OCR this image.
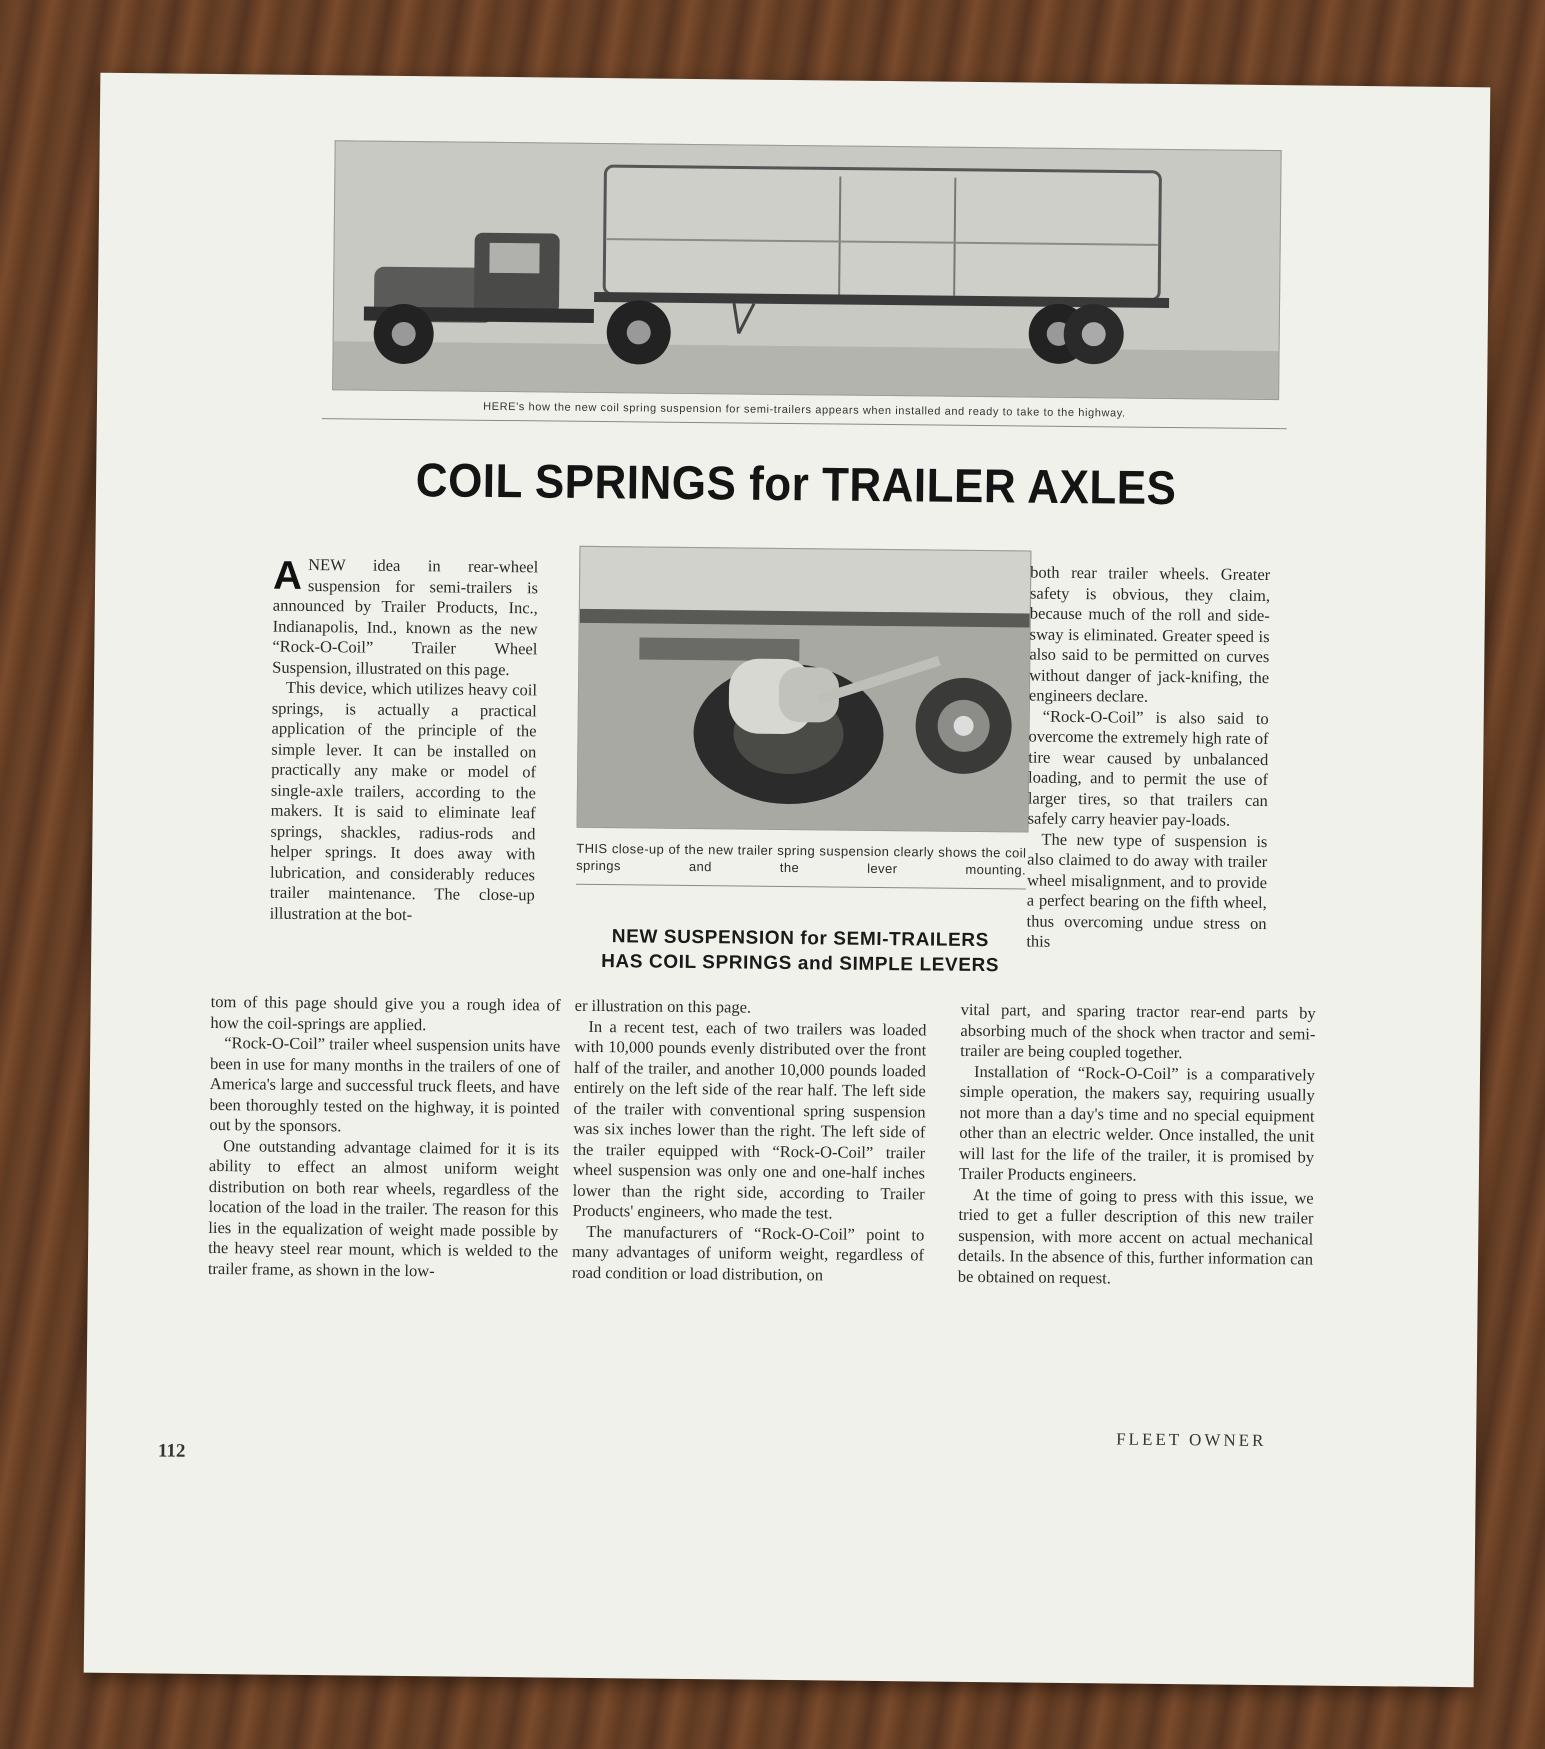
HERE's how the new coil spring suspension for semi-trailers appears when installed and ready to take to the highway.
COIL SPRINGS for TRAILER AXLES
THIS close-up of the new trailer spring suspension clearly shows the coil springs and the lever mounting.
NEW SUSPENSION for SEMI-TRAILERS
HAS COIL SPRINGS and SIMPLE LEVERS

ANEW idea in rear-wheel suspension for semi-trailers is announced by Trailer Products, Inc., Indianapolis, Ind., known as the new “Rock-O-Coil” Trailer Wheel Suspension, illustrated on this page.

This device, which utilizes heavy coil springs, is actually a practical application of the principle of the simple lever. It can be installed on practically any make or model of single-axle trailers, according to the makers. It is said to eliminate leaf springs, shackles, radius-rods and helper springs. It does away with lubrication, and considerably reduces trailer maintenance. The close-up illustration at the bot-

tom of this page should give you a rough idea of how the coil-springs are applied.

“Rock-O-Coil” trailer wheel suspension units have been in use for many months in the trailers of one of America's large and successful truck fleets, and have been thoroughly tested on the highway, it is pointed out by the sponsors.

One outstanding advantage claimed for it is its ability to effect an almost uniform weight distribution on both rear wheels, regardless of the location of the load in the trailer. The reason for this lies in the equalization of weight made possible by the heavy steel rear mount, which is welded to the trailer frame, as shown in the low-

er illustration on this page.

In a recent test, each of two trailers was loaded with 10,000 pounds evenly distributed over the front half of the trailer, and another 10,000 pounds loaded entirely on the left side of the rear half. The left side of the trailer with conventional spring suspension was six inches lower than the right. The left side of the trailer equipped with “Rock-O-Coil” trailer wheel suspension was only one and one-half inches lower than the right side, according to Trailer Products' engineers, who made the test.

The manufacturers of “Rock-O-Coil” point to many advantages of uniform weight, regardless of road condition or load distribution, on

both rear trailer wheels. Greater safety is obvious, they claim, because much of the roll and side-sway is eliminated. Greater speed is also said to be permitted on curves without danger of jack-knifing, the engineers declare.

“Rock-O-Coil” is also said to overcome the extremely high rate of tire wear caused by unbalanced loading, and to permit the use of larger tires, so that trailers can safely carry heavier pay-loads.

The new type of suspension is also claimed to do away with trailer wheel misalignment, and to provide a perfect bearing on the fifth wheel, thus overcoming undue stress on this

vital part, and sparing tractor rear-end parts by absorbing much of the shock when tractor and semi-trailer are being coupled together.

Installation of “Rock-O-Coil” is a comparatively simple operation, the makers say, requiring usually not more than a day's time and no special equipment other than an electric welder. Once installed, the unit will last for the life of the trailer, it is promised by Trailer Products engineers.

At the time of going to press with this issue, we tried to get a fuller description of this new trailer suspension, with more accent on actual mechanical details. In the absence of this, further information can be obtained on request.

112
FLEET OWNER
